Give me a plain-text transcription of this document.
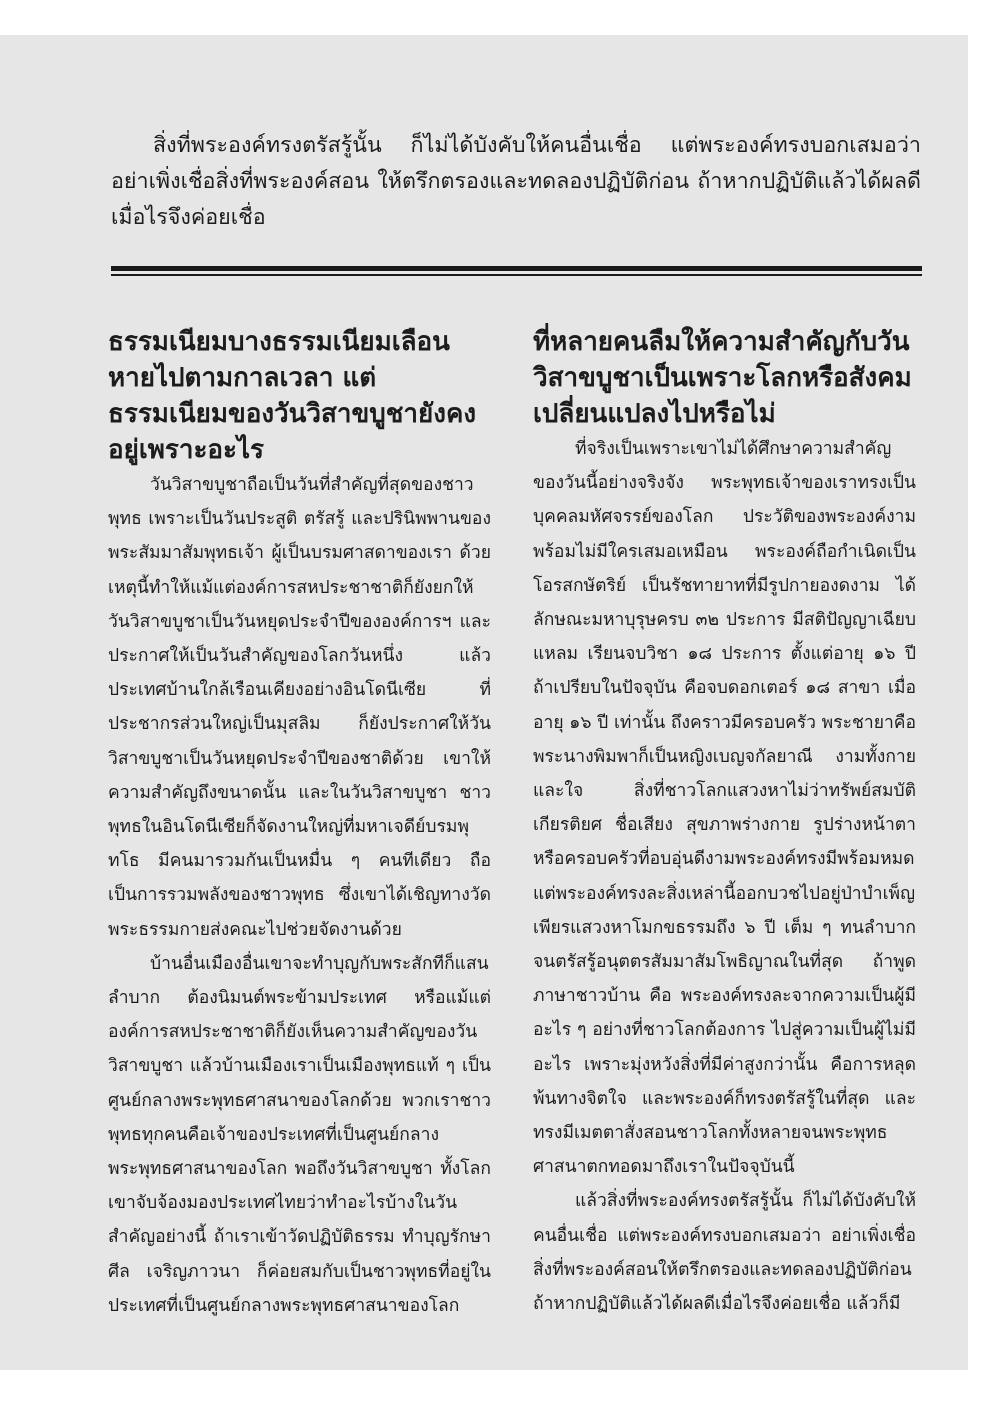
สิ่งที่พระองค์ทรงตรัสรู้นั้น ก็ไม่ได้บังคับให้คนอื่นเชื่อ แต่พระองค์ทรงบอกเสมอว่า อย่าเพิ่งเชื่อสิ่งที่พระองค์สอน ให้ตรึกตรองและทดลองปฏิบัติก่อน ถ้าหากปฏิบัติแล้วได้ผลดีเมื่อไรจึงค่อยเชื่อ

ธรรมเนียมบางธรรมเนียมเลือนหายไปตามกาลเวลา แต่ธรรมเนียมของวันวิสาขบูชายังคงอยู่เพราะอะไร

วันวิสาขบูชาถือเป็นวันที่สำคัญที่สุดของชาวพุทธ เพราะเป็นวันประสูติ ตรัสรู้ และปรินิพพานของพระสัมมาสัมพุทธเจ้า ผู้เป็นบรมศาสดาของเรา ด้วยเหตุนี้ทำให้แม้แต่องค์การสหประชาชาติก็ยังยกให้วันวิสาขบูชาเป็นวันหยุดประจำปีขององค์การฯ และประกาศให้เป็นวันสำคัญของโลกวันหนึ่ง แล้วประเทศบ้านใกล้เรือนเคียงอย่างอินโดนีเซีย ที่ประชากรส่วนใหญ่เป็นมุสลิม ก็ยังประกาศให้วันวิสาขบูชาเป็นวันหยุดประจำปีของชาติด้วย เขาให้ความสำคัญถึงขนาดนั้น และในวันวิสาขบูชา ชาวพุทธในอินโดนีเซียก็จัดงานใหญ่ที่มหาเจดีย์บรมพุทโธ มีคนมารวมกันเป็นหมื่น ๆ คนทีเดียว ถือเป็นการรวมพลังของชาวพุทธ ซึ่งเขาได้เชิญทางวัดพระธรรมกายส่งคณะไปช่วยจัดงานด้วย

บ้านอื่นเมืองอื่นเขาจะทำบุญกับพระสักทีก็แสนลำบาก ต้องนิมนต์พระข้ามประเทศ หรือแม้แต่องค์การสหประชาชาติก็ยังเห็นความสำคัญของวันวิสาขบูชา แล้วบ้านเมืองเราเป็นเมืองพุทธแท้ ๆ เป็นศูนย์กลางพระพุทธศาสนาของโลกด้วย พวกเราชาวพุทธทุกคนคือเจ้าของประเทศที่เป็นศูนย์กลางพระพุทธศาสนาของโลก พอถึงวันวิสาขบูชา ทั้งโลกเขาจับจ้องมองประเทศไทยว่าทำอะไรบ้างในวันสำคัญอย่างนี้ ถ้าเราเข้าวัดปฏิบัติธรรม ทำบุญรักษาศีล เจริญภาวนา ก็ค่อยสมกับเป็นชาวพุทธที่อยู่ในประเทศที่เป็นศูนย์กลางพระพุทธศาสนาของโลก

ที่หลายคนลืมให้ความสำคัญกับวันวิสาขบูชาเป็นเพราะโลกหรือสังคมเปลี่ยนแปลงไปหรือไม่

ที่จริงเป็นเพราะเขาไม่ได้ศึกษาความสำคัญของวันนี้อย่างจริงจัง พระพุทธเจ้าของเราทรงเป็นบุคคลมหัศจรรย์ของโลก ประวัติของพระองค์งามพร้อมไม่มีใครเสมอเหมือน พระองค์ถือกำเนิดเป็นโอรสกษัตริย์ เป็นรัชทายาทที่มีรูปกายองดงาม ได้ลักษณะมหาบุรุษครบ ๓๒ ประการ มีสติปัญญาเฉียบแหลม เรียนจบวิชา ๑๘ ประการ ตั้งแต่อายุ ๑๖ ปี ถ้าเปรียบในปัจจุบัน คือจบดอกเตอร์ ๑๘ สาขา เมื่ออายุ ๑๖ ปี เท่านั้น ถึงคราวมีครอบครัว พระชายาคือพระนางพิมพาก็เป็นหญิงเบญจกัลยาณี งามทั้งกายและใจ สิ่งที่ชาวโลกแสวงหาไม่ว่าทรัพย์สมบัติ เกียรติยศ ชื่อเสียง สุขภาพร่างกาย รูปร่างหน้าตา หรือครอบครัวที่อบอุ่นดีงามพระองค์ทรงมีพร้อมหมด แต่พระองค์ทรงละสิ่งเหล่านี้ออกบวชไปอยู่ป่าบำเพ็ญเพียรแสวงหาโมกขธรรมถึง ๖ ปี เต็ม ๆ ทนลำบาก จนตรัสรู้อนุตตรสัมมาสัมโพธิญาณในที่สุด ถ้าพูดภาษาชาวบ้าน คือ พระองค์ทรงละจากความเป็นผู้มีอะไร ๆ อย่างที่ชาวโลกต้องการ ไปสู่ความเป็นผู้ไม่มีอะไร เพราะมุ่งหวังสิ่งที่มีค่าสูงกว่านั้น คือการหลุดพ้นทางจิตใจ และพระองค์ก็ทรงตรัสรู้ในที่สุด และทรงมีเมตตาสั่งสอนชาวโลกทั้งหลายจนพระพุทธศาสนาตกทอดมาถึงเราในปัจจุบันนี้

แล้วสิ่งที่พระองค์ทรงตรัสรู้นั้น ก็ไม่ได้บังคับให้คนอื่นเชื่อ แต่พระองค์ทรงบอกเสมอว่า อย่าเพิ่งเชื่อสิ่งที่พระองค์สอนให้ตรึกตรองและทดลองปฏิบัติก่อน ถ้าหากปฏิบัติแล้วได้ผลดีเมื่อไรจึงค่อยเชื่อ แล้วก็มี
